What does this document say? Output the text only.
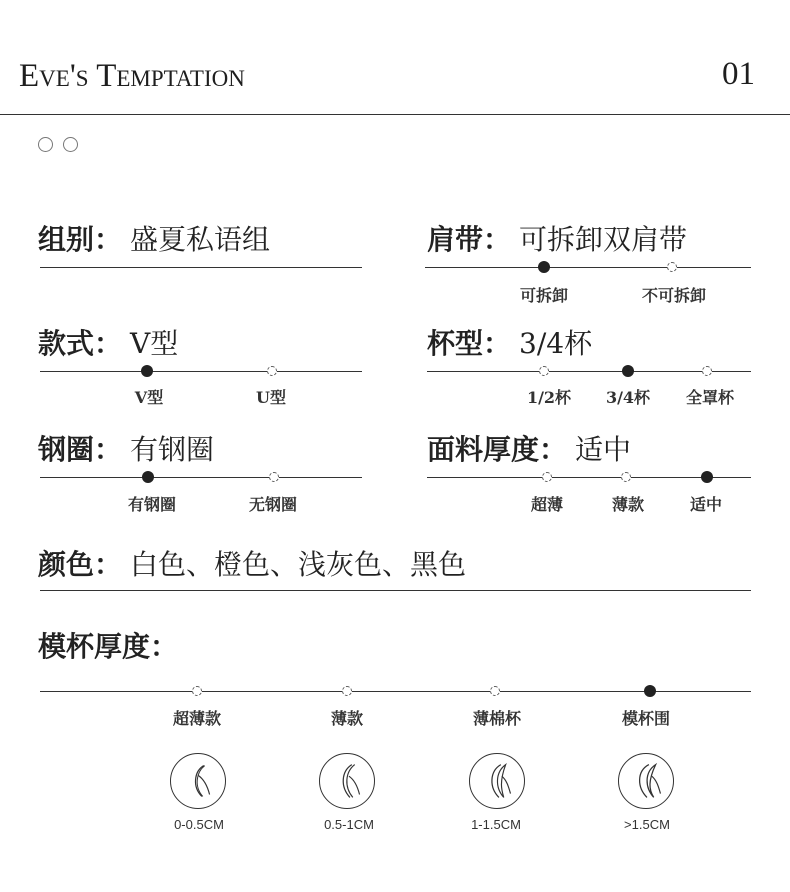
Eve's Temptation	01
组别： 盛夏私语组	肩带： 可拆卸双肩带
可拆卸	不可拆卸
款式： V型
V型	U型
杯型： 3/4杯
1/2杯 3/4杯 全罩杯
钢圈： 有钢圈
有钢圈	无钢圈
面料厚度： 适中
超薄	薄款	适中
颜色： 白色、橙色、浅灰色、黑色
模杯厚度：
超薄款	薄款	薄棉杯	模杯围
0-0.5CM	0.5-1CM	1-1.5CM	>1.5CM
